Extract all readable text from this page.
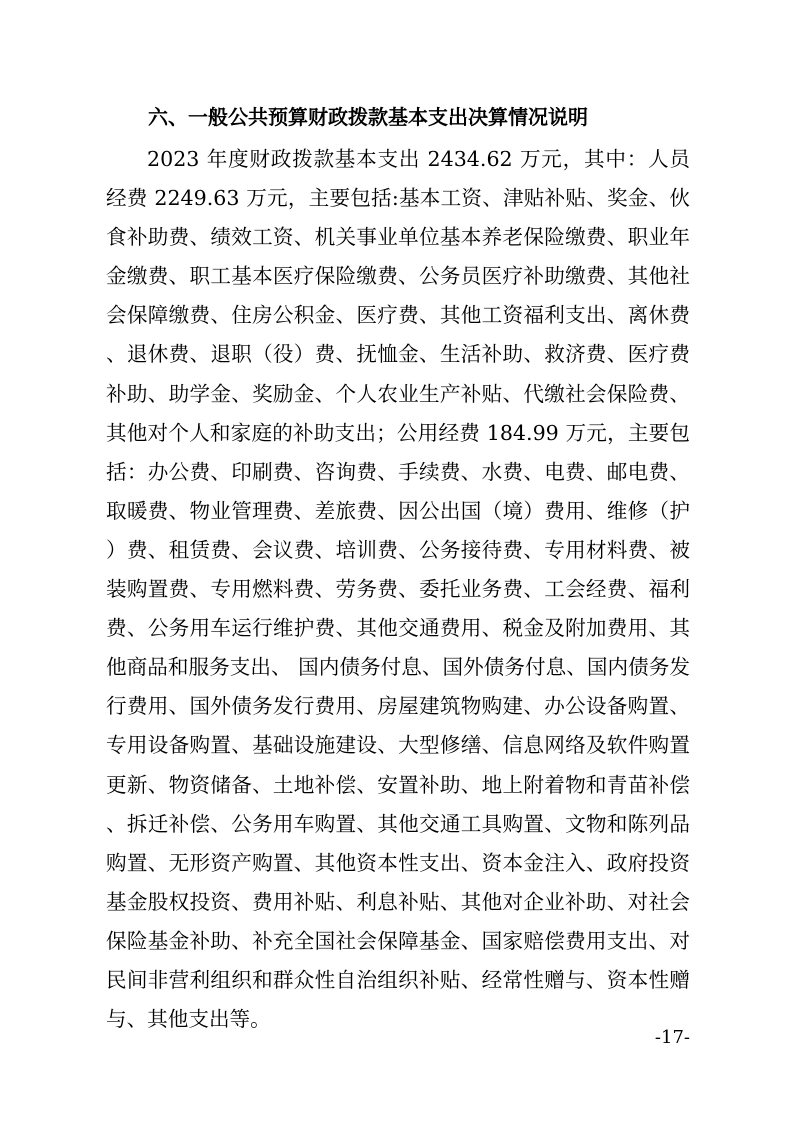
六、一般公共预算财政拨款基本支出决算情况说明

2023 年度财政拨款基本支出 2434.62 万元，其中：人员经费 2249.63 万元，主要包括:基本工资、津贴补贴、奖金、伙食补助费、绩效工资、机关事业单位基本养老保险缴费、职业年金缴费、职工基本医疗保险缴费、公务员医疗补助缴费、其他社会保障缴费、住房公积金、医疗费、其他工资福利支出、离休费、退休费、退职（役）费、抚恤金、生活补助、救济费、医疗费补助、助学金、奖励金、个人农业生产补贴、代缴社会保险费、其他对个人和家庭的补助支出；公用经费 184.99 万元，主要包括：办公费、印刷费、咨询费、手续费、水费、电费、邮电费、取暖费、物业管理费、差旅费、因公出国（境）费用、维修（护）费、租赁费、会议费、培训费、公务接待费、专用材料费、被装购置费、专用燃料费、劳务费、委托业务费、工会经费、福利费、公务用车运行维护费、其他交通费用、税金及附加费用、其他商品和服务支出、 国内债务付息、国外债务付息、国内债务发行费用、国外债务发行费用、房屋建筑物购建、办公设备购置、专用设备购置、基础设施建设、大型修缮、信息网络及软件购置更新、物资储备、土地补偿、安置补助、地上附着物和青苗补偿、拆迁补偿、公务用车购置、其他交通工具购置、文物和陈列品购置、无形资产购置、其他资本性支出、资本金注入、政府投资基金股权投资、费用补贴、利息补贴、其他对企业补助、对社会保险基金补助、补充全国社会保障基金、国家赔偿费用支出、对民间非营利组织和群众性自治组织补贴、经常性赠与、资本性赠与、其他支出等。

-17-
